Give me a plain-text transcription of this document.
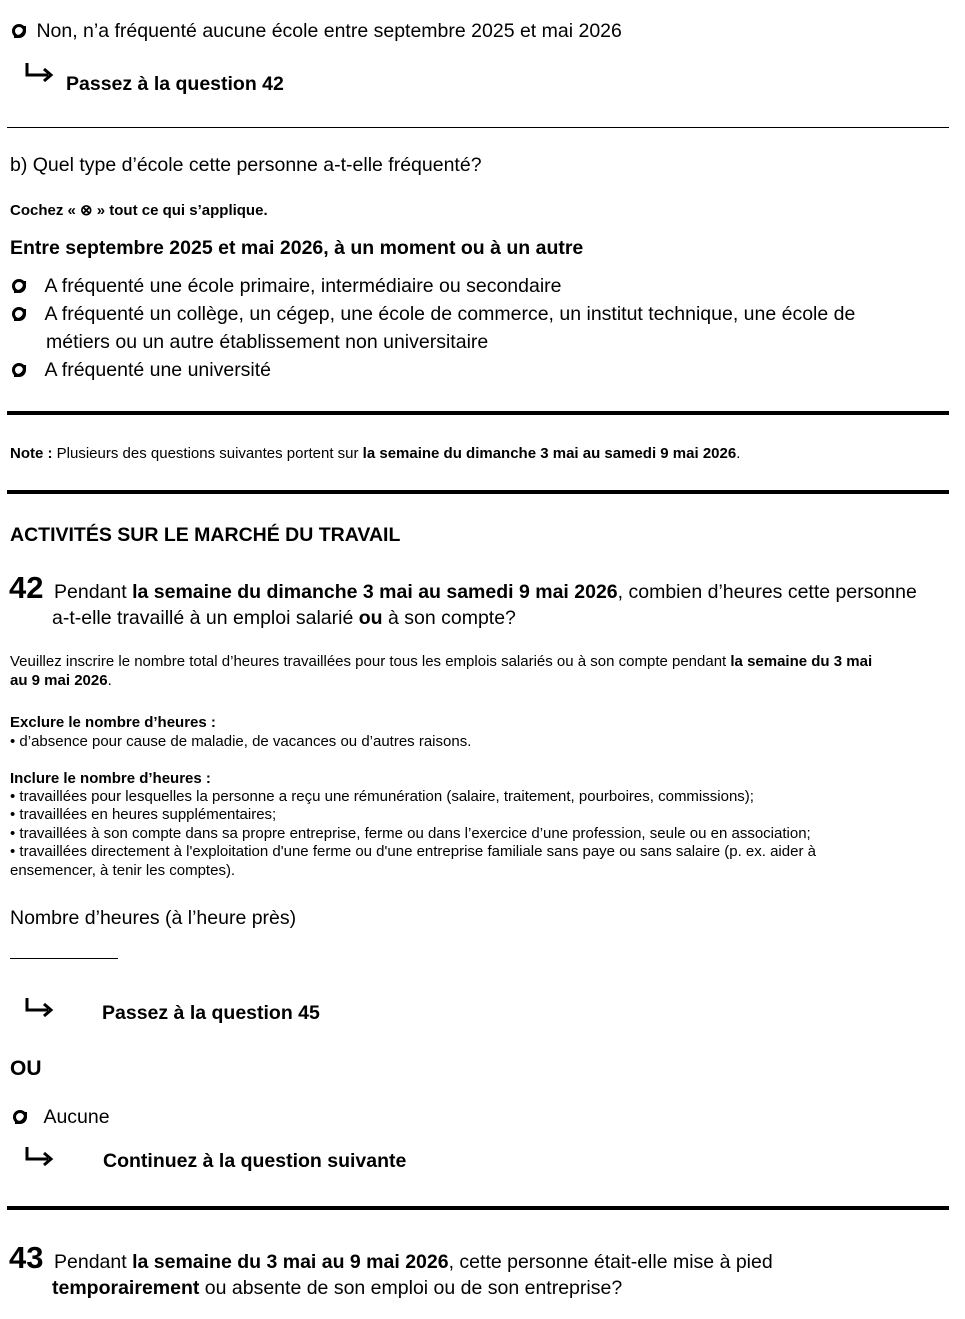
Non, n’a fréquenté aucune école entre septembre 2025 et mai 2026
Passez à la question 42
b) Quel type d’école cette personne a-t-elle fréquenté?
Cochez « ⊗ » tout ce qui s’applique.
Entre septembre 2025 et mai 2026, à un moment ou à un autre
A fréquenté une école primaire, intermédiaire ou secondaire
A fréquenté un collège, un cégep, une école de commerce, un institut technique, une école de
métiers ou un autre établissement non universitaire
A fréquenté une université
Note : Plusieurs des questions suivantes portent sur la semaine du dimanche 3 mai au samedi 9 mai 2026.
ACTIVITÉS SUR LE MARCHÉ DU TRAVAIL
42 Pendant la semaine du dimanche 3 mai au samedi 9 mai 2026, combien d’heures cette personne
a-t-elle travaillé à un emploi salarié ou à son compte?
Veuillez inscrire le nombre total d’heures travaillées pour tous les emplois salariés ou à son compte pendant la semaine du 3 mai
au 9 mai 2026.
Exclure le nombre d’heures :
• d’absence pour cause de maladie, de vacances ou d’autres raisons.
Inclure le nombre d’heures :
• travaillées pour lesquelles la personne a reçu une rémunération (salaire, traitement, pourboires, commissions);
• travaillées en heures supplémentaires;
• travaillées à son compte dans sa propre entreprise, ferme ou dans l’exercice d’une profession, seule ou en association;
• travaillées directement à l'exploitation d'une ferme ou d'une entreprise familiale sans paye ou sans salaire (p. ex. aider à
ensemencer, à tenir les comptes).
Nombre d’heures (à l’heure près)
Passez à la question 45
OU
Aucune
Continuez à la question suivante
43 Pendant la semaine du 3 mai au 9 mai 2026, cette personne était-elle mise à pied
temporairement ou absente de son emploi ou de son entreprise?
